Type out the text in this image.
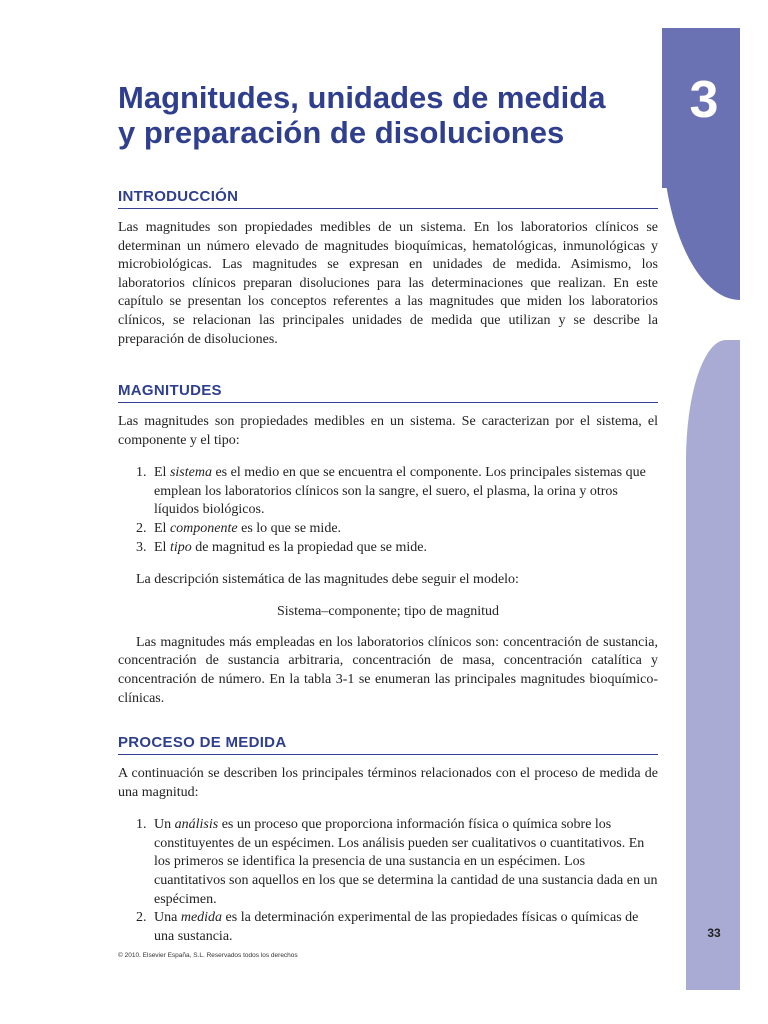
3
33
Magnitudes, unidades de medida
y preparación de disoluciones
INTRODUCCIÓN

Las magnitudes son propiedades medibles de un sistema. En los laboratorios clínicos se determinan un número elevado de magnitudes bioquímicas, hematológicas, inmunológicas y microbiológicas. Las magnitudes se expresan en unidades de medida. Asimismo, los laboratorios clínicos preparan disoluciones para las determinaciones que realizan. En este capítulo se presentan los conceptos referentes a las magnitudes que miden los laboratorios clínicos, se relacionan las principales unidades de medida que utilizan y se describe la preparación de disoluciones.

MAGNITUDES

Las magnitudes son propiedades medibles en un sistema. Se caracterizan por el sistema, el componente y el tipo:

1. El sistema es el medio en que se encuentra el componente. Los principales sistemas que emplean los laboratorios clínicos son la sangre, el suero, el plasma, la orina y otros líquidos biológicos.
2. El componente es lo que se mide.
3. El tipo de magnitud es la propiedad que se mide.

La descripción sistemática de las magnitudes debe seguir el modelo:

Sistema–componente; tipo de magnitud

Las magnitudes más empleadas en los laboratorios clínicos son: concentración de sustancia, concentración de sustancia arbitraria, concentración de masa, concentración catalítica y concentración de número. En la tabla 3-1 se enumeran las principales magnitudes bioquímico-clínicas.

PROCESO DE MEDIDA

A continuación se describen los principales términos relacionados con el proceso de medida de una magnitud:

1. Un análisis es un proceso que proporciona información física o química sobre los constituyentes de un espécimen. Los análisis pueden ser cualitativos o cuantitativos. En los primeros se identifica la presencia de una sustancia en un espécimen. Los cuantitativos son aquellos en los que se determina la cantidad de una sustancia dada en un espécimen.
2. Una medida es la determinación experimental de las propiedades físicas o químicas de una sustancia.
© 2010. Elsevier España, S.L. Reservados todos los derechos
